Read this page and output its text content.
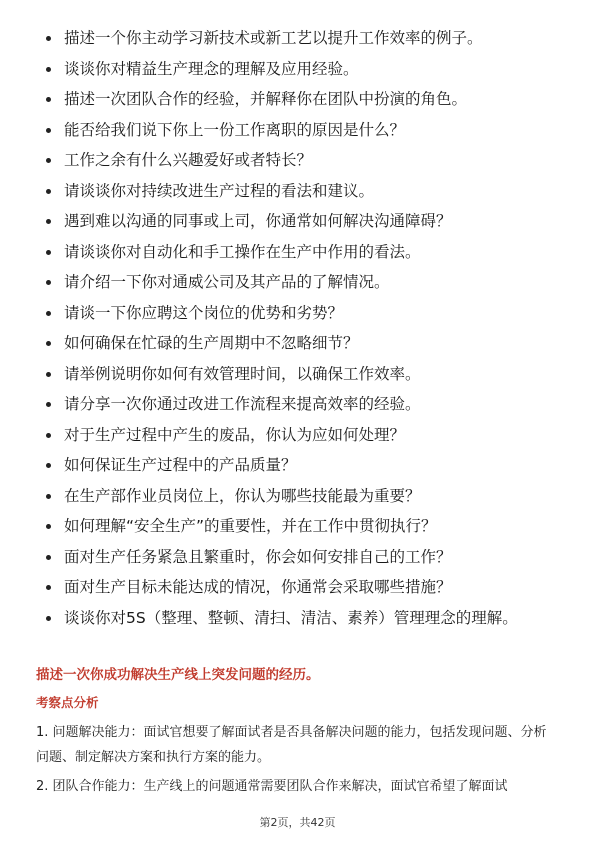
描述一个你主动学习新技术或新工艺以提升工作效率的例子。
谈谈你对精益生产理念的理解及应用经验。
描述一次团队合作的经验，并解释你在团队中扮演的角色。
能否给我们说下你上一份工作离职的原因是什么？
工作之余有什么兴趣爱好或者特长？
请谈谈你对持续改进生产过程的看法和建议。
遇到难以沟通的同事或上司，你通常如何解决沟通障碍？
请谈谈你对自动化和手工操作在生产中作用的看法。
请介绍一下你对通威公司及其产品的了解情况。
请谈一下你应聘这个岗位的优势和劣势？
如何确保在忙碌的生产周期中不忽略细节？
请举例说明你如何有效管理时间，以确保工作效率。
请分享一次你通过改进工作流程来提高效率的经验。
对于生产过程中产生的废品，你认为应如何处理？
如何保证生产过程中的产品质量？
在生产部作业员岗位上，你认为哪些技能最为重要？
如何理解“安全生产”的重要性，并在工作中贯彻执行？
面对生产任务紧急且繁重时，你会如何安排自己的工作？
面对生产目标未能达成的情况，你通常会采取哪些措施？
谈谈你对5S（整理、整顿、清扫、清洁、素养）管理理念的理解。
描述一次你成功解决生产线上突发问题的经历。
考察点分析

1. 问题解决能力：面试官想要了解面试者是否具备解决问题的能力，包括发现问题、分析问题、制定解决方案和执行方案的能力。

2. 团队合作能力：生产线上的问题通常需要团队合作来解决，面试官希望了解面试

第2页，共42页
